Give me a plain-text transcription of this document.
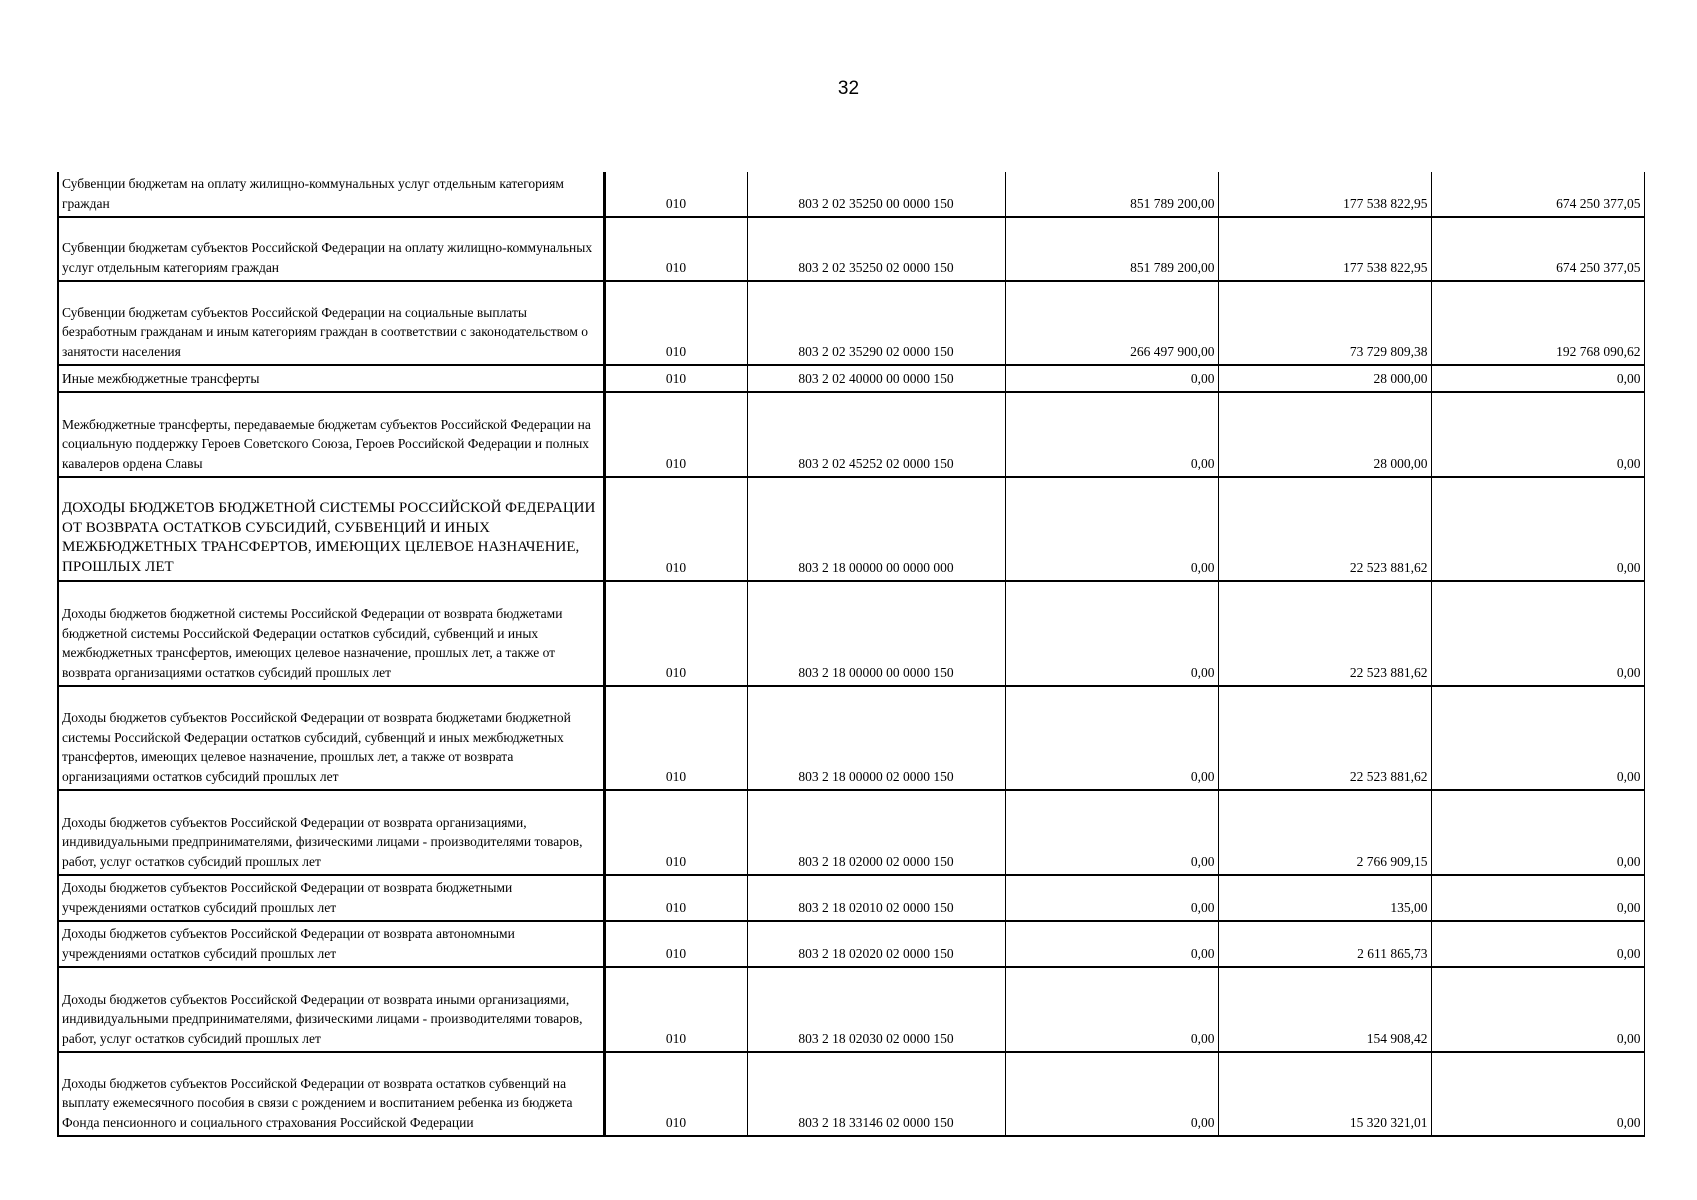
32
Субвенции бюджетам на оплату жилищно-коммунальных услуг отдельным категориям граждан	010	803 2 02 35250 00 0000 150	851 789 200,00	177 538 822,95	674 250 377,05

Субвенции бюджетам субъектов Российской Федерации на оплату жилищно-коммунальных услуг отдельным категориям граждан	010	803 2 02 35250 02 0000 150	851 789 200,00	177 538 822,95	674 250 377,05

Субвенции бюджетам субъектов Российской Федерации на социальные выплаты безработным гражданам и иным категориям граждан в соответствии с законодательством о занятости населения	010	803 2 02 35290 02 0000 150	266 497 900,00	73 729 809,38	192 768 090,62

Иные межбюджетные трансферты	010	803 2 02 40000 00 0000 150	0,00	28 000,00	0,00

Межбюджетные трансферты, передаваемые бюджетам субъектов Российской Федерации на социальную поддержку Героев Советского Союза, Героев Российской Федерации и полных кавалеров ордена Славы	010	803 2 02 45252 02 0000 150	0,00	28 000,00	0,00

ДОХОДЫ БЮДЖЕТОВ БЮДЖЕТНОЙ СИСТЕМЫ РОССИЙСКОЙ ФЕДЕРАЦИИ ОТ ВОЗВРАТА ОСТАТКОВ СУБСИДИЙ, СУБВЕНЦИЙ И ИНЫХ МЕЖБЮДЖЕТНЫХ ТРАНСФЕРТОВ, ИМЕЮЩИХ ЦЕЛЕВОЕ НАЗНАЧЕНИЕ, ПРОШЛЫХ ЛЕТ	010	803 2 18 00000 00 0000 000	0,00	22 523 881,62	0,00

Доходы бюджетов бюджетной системы Российской Федерации от возврата бюджетами бюджетной системы Российской Федерации остатков субсидий, субвенций и иных межбюджетных трансфертов, имеющих целевое назначение, прошлых лет, а также от возврата организациями остатков субсидий прошлых лет	010	803 2 18 00000 00 0000 150	0,00	22 523 881,62	0,00

Доходы бюджетов субъектов Российской Федерации от возврата бюджетами бюджетной системы Российской Федерации остатков субсидий, субвенций и иных межбюджетных трансфертов, имеющих целевое назначение, прошлых лет, а также от возврата организациями остатков субсидий прошлых лет	010	803 2 18 00000 02 0000 150	0,00	22 523 881,62	0,00

Доходы бюджетов субъектов Российской Федерации от возврата организациями, индивидуальными предпринимателями, физическими лицами - производителями товаров, работ, услуг остатков субсидий прошлых лет	010	803 2 18 02000 02 0000 150	0,00	2 766 909,15	0,00

Доходы бюджетов субъектов Российской Федерации от возврата бюджетными учреждениями остатков субсидий прошлых лет	010	803 2 18 02010 02 0000 150	0,00	135,00	0,00

Доходы бюджетов субъектов Российской Федерации от возврата автономными учреждениями остатков субсидий прошлых лет	010	803 2 18 02020 02 0000 150	0,00	2 611 865,73	0,00

Доходы бюджетов субъектов Российской Федерации от возврата иными организациями, индивидуальными предпринимателями, физическими лицами - производителями товаров, работ, услуг остатков субсидий прошлых лет	010	803 2 18 02030 02 0000 150	0,00	154 908,42	0,00

Доходы бюджетов субъектов Российской Федерации от возврата остатков субвенций на выплату ежемесячного пособия в связи с рождением и воспитанием ребенка из бюджета Фонда пенсионного и социального страхования Российской Федерации	010	803 2 18 33146 02 0000 150	0,00	15 320 321,01	0,00
